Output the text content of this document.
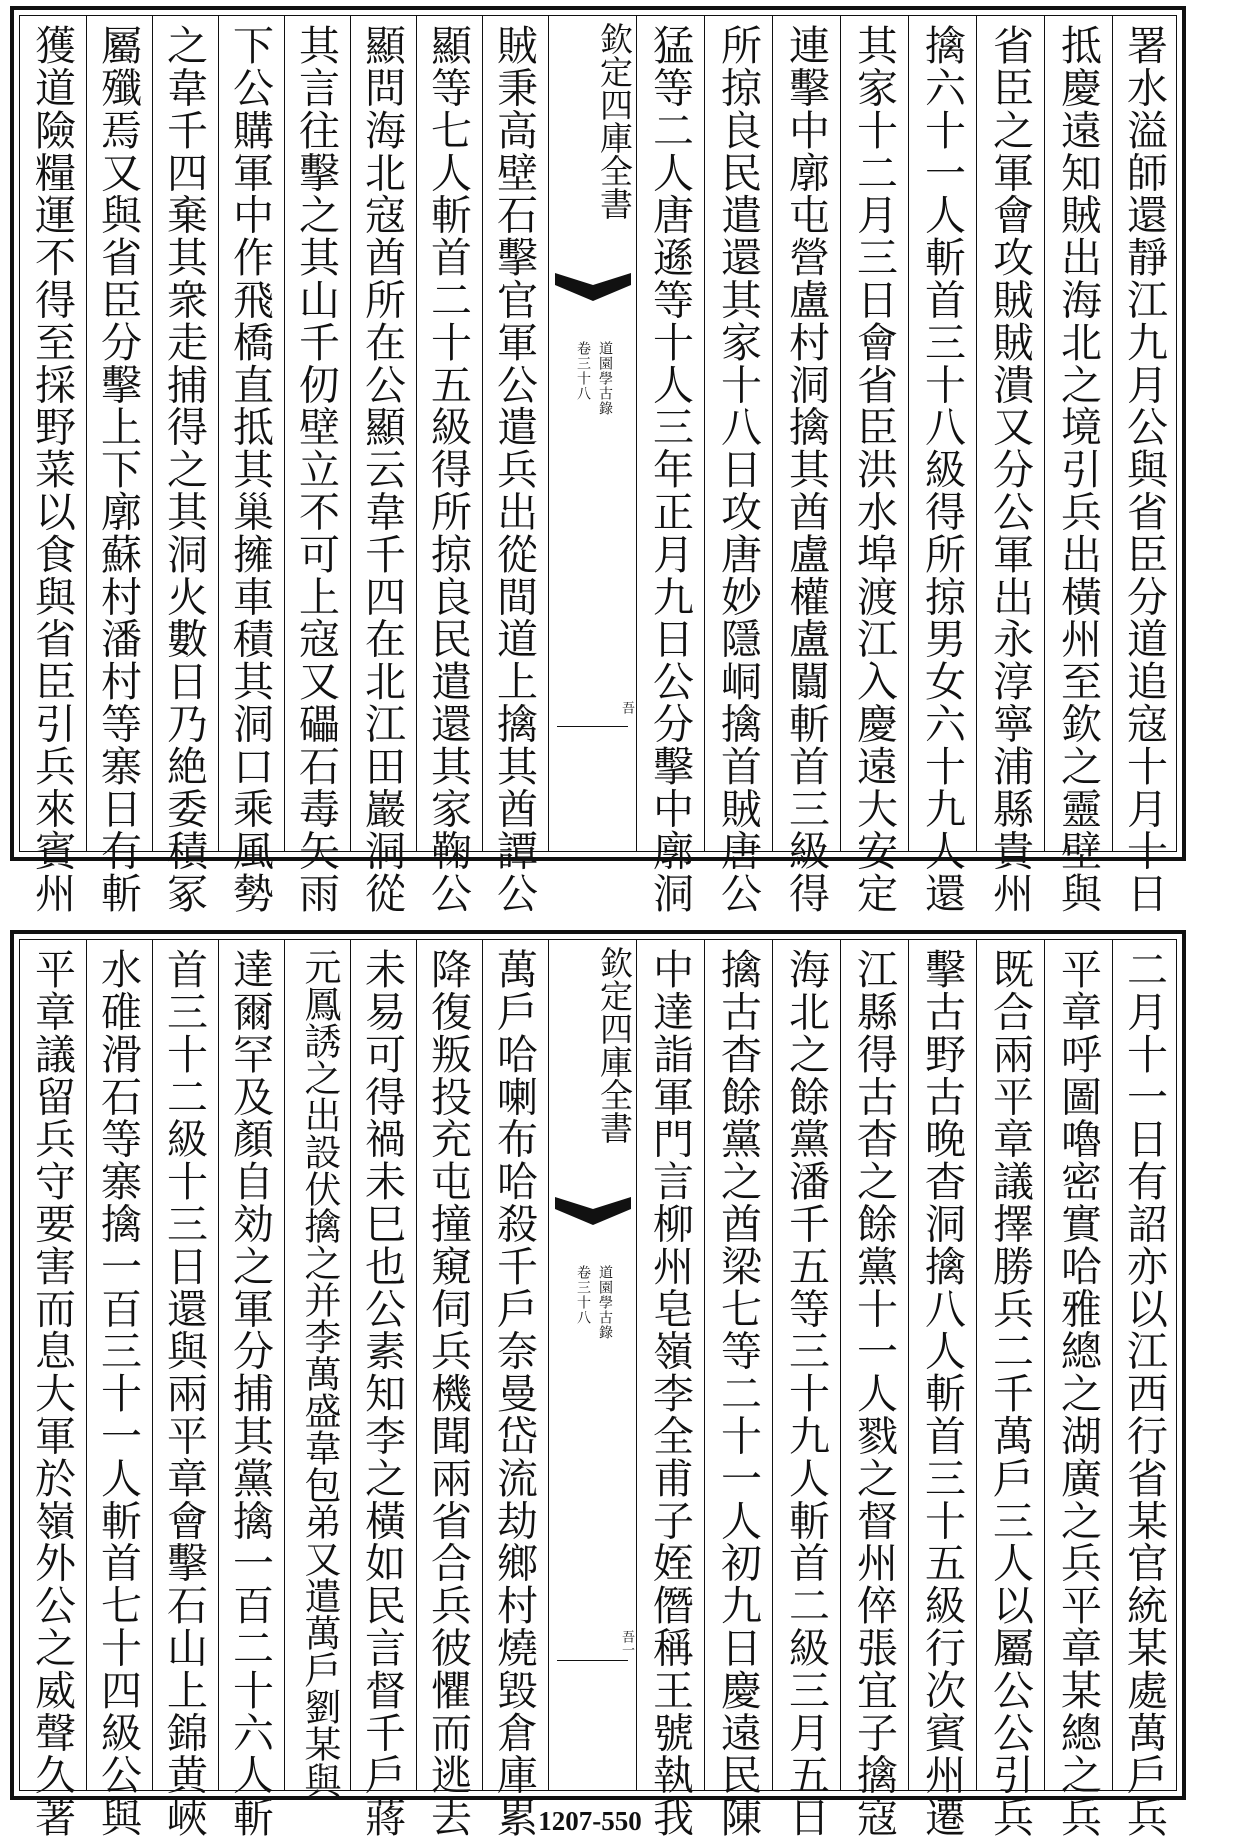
獲道險糧運不得至採野菜以食與省臣引兵來賓州 屬殲焉又與省臣分擊上下廓蘇村潘村等寨日有斬 之韋千四棄其衆走捕得之其洞火數日乃絶委積冢 下公購軍中作飛橋直抵其巢擁車積其洞口乘風勢 其言往擊之其山千仞壁立不可上寇又礧石毒矢雨 顯問海北寇酋所在公顯云韋千四在北江田巖洞從 顯等七人斬首二十五級得所掠良民遣還其家鞠公 賊秉高壁石擊官軍公遣兵出從間道上擒其酋譚公	欽定四庫全書
道園學古錄
卷三十八
吾 猛等二人唐遜等十人三年正月九日公分擊中廓洞 所掠良民遣還其家十八日攻唐妙隱峒擒首賊唐公 連擊中廓屯營盧村洞擒其酋盧權盧闒斬首三級得 其家十二月三日會省臣洪水埠渡江入慶遠大安定 擒六十一人斬首三十八級得所掠男女六十九人還 省臣之軍會攻賊賊潰又分公軍出永淳寧浦縣貴州 抵慶遠知賊出海北之境引兵出橫州至欽之靈壁與 署水溢師還靜江九月公與省臣分道追寇十月十日
平章議留兵守要害而息大軍於嶺外公之威聲久著 水碓滑石等寨擒一百三十一人斬首七十四級公與 首三十二級十三日還與兩平章會擊石山上錦黄峽 達爾罕及顏自効之軍分捕其黨擒一百二十六人斬 元鳳誘之出設伏擒之并李萬盛韋包弟又遣萬戶劉某與 未易可得禍未巳也公素知李之橫如民言督千戶蔣 降復叛投充屯撞窺伺兵機聞兩省合兵彼懼而逃去 萬戶哈喇布哈殺千戶奈曼岱流劫鄉村燒毀倉庫累	欽定四庫全書
道園學古錄
卷三十八
吾一 中達詣軍門言柳州皂嶺李全甫子姪僭稱王號執我 擒古杳餘黨之酋梁七等二十一人初九日慶遠民陳 海北之餘黨潘千五等三十九人斬首二級三月五日 江縣得古杳之餘黨十一人戮之督州倅張宜子擒寇 擊古野古晚杳洞擒八人斬首三十五級行次賓州遷 既合兩平章議擇勝兵二千萬戶三人以屬公公引兵 平章呼圖嚕密實哈雅總之湖廣之兵平章某總之兵 二月十一日有詔亦以江西行省某官統某處萬戶兵
1207-550
